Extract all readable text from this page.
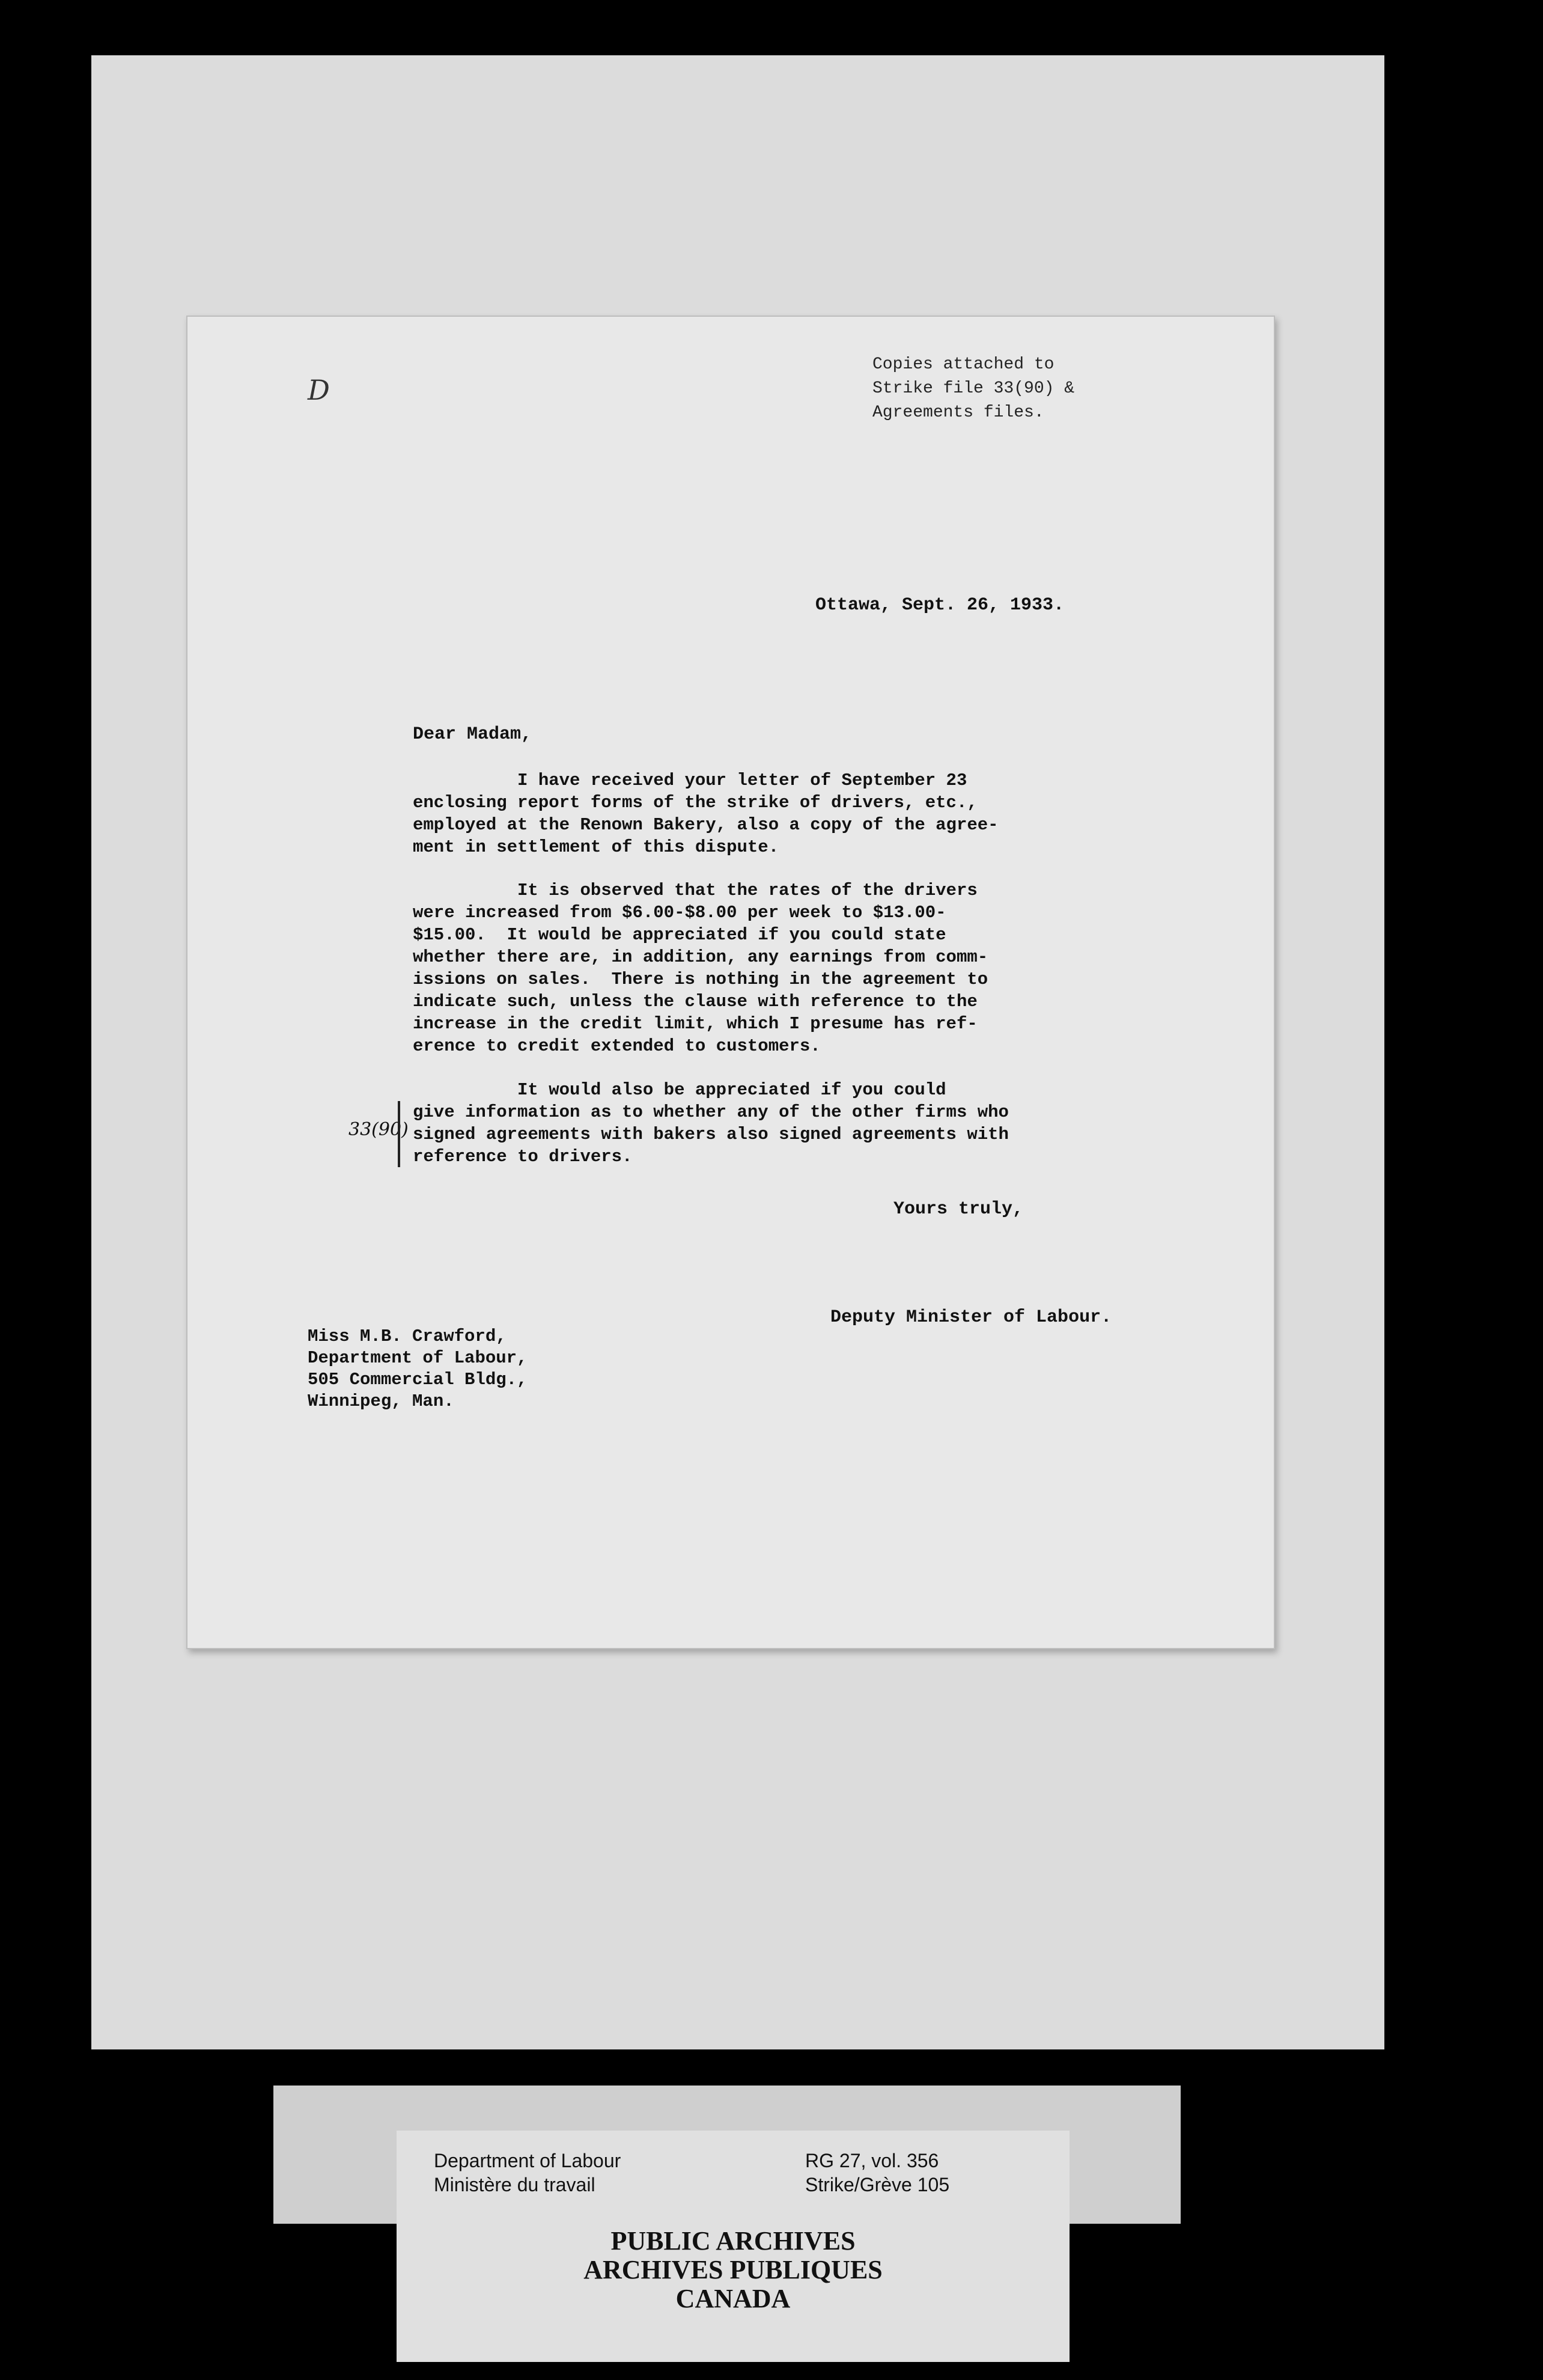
D
Copies attached to
Strike file 33(90) &
Agreements files.
Ottawa, Sept. 26, 1933.
Dear Madam,
I have received your letter of September 23
enclosing report forms of the strike of drivers, etc.,
employed at the Renown Bakery, also a copy of the agree-
ment in settlement of this dispute.
It is observed that the rates of the drivers
were increased from $6.00-$8.00 per week to $13.00-
$15.00.  It would be appreciated if you could state
whether there are, in addition, any earnings from comm-
issions on sales.  There is nothing in the agreement to
indicate such, unless the clause with reference to the
increase in the credit limit, which I presume has ref-
erence to credit extended to customers.
It would also be appreciated if you could
give information as to whether any of the other firms who
signed agreements with bakers also signed agreements with
reference to drivers.
33(90)
Yours truly,
Deputy Minister of Labour.
Miss M.B. Crawford,
Department of Labour,
505 Commercial Bldg.,
Winnipeg, Man.
Department of Labour
Ministère du travail
RG 27, vol. 356
Strike/Grève 105
PUBLIC ARCHIVES
ARCHIVES PUBLIQUES
CANADA
